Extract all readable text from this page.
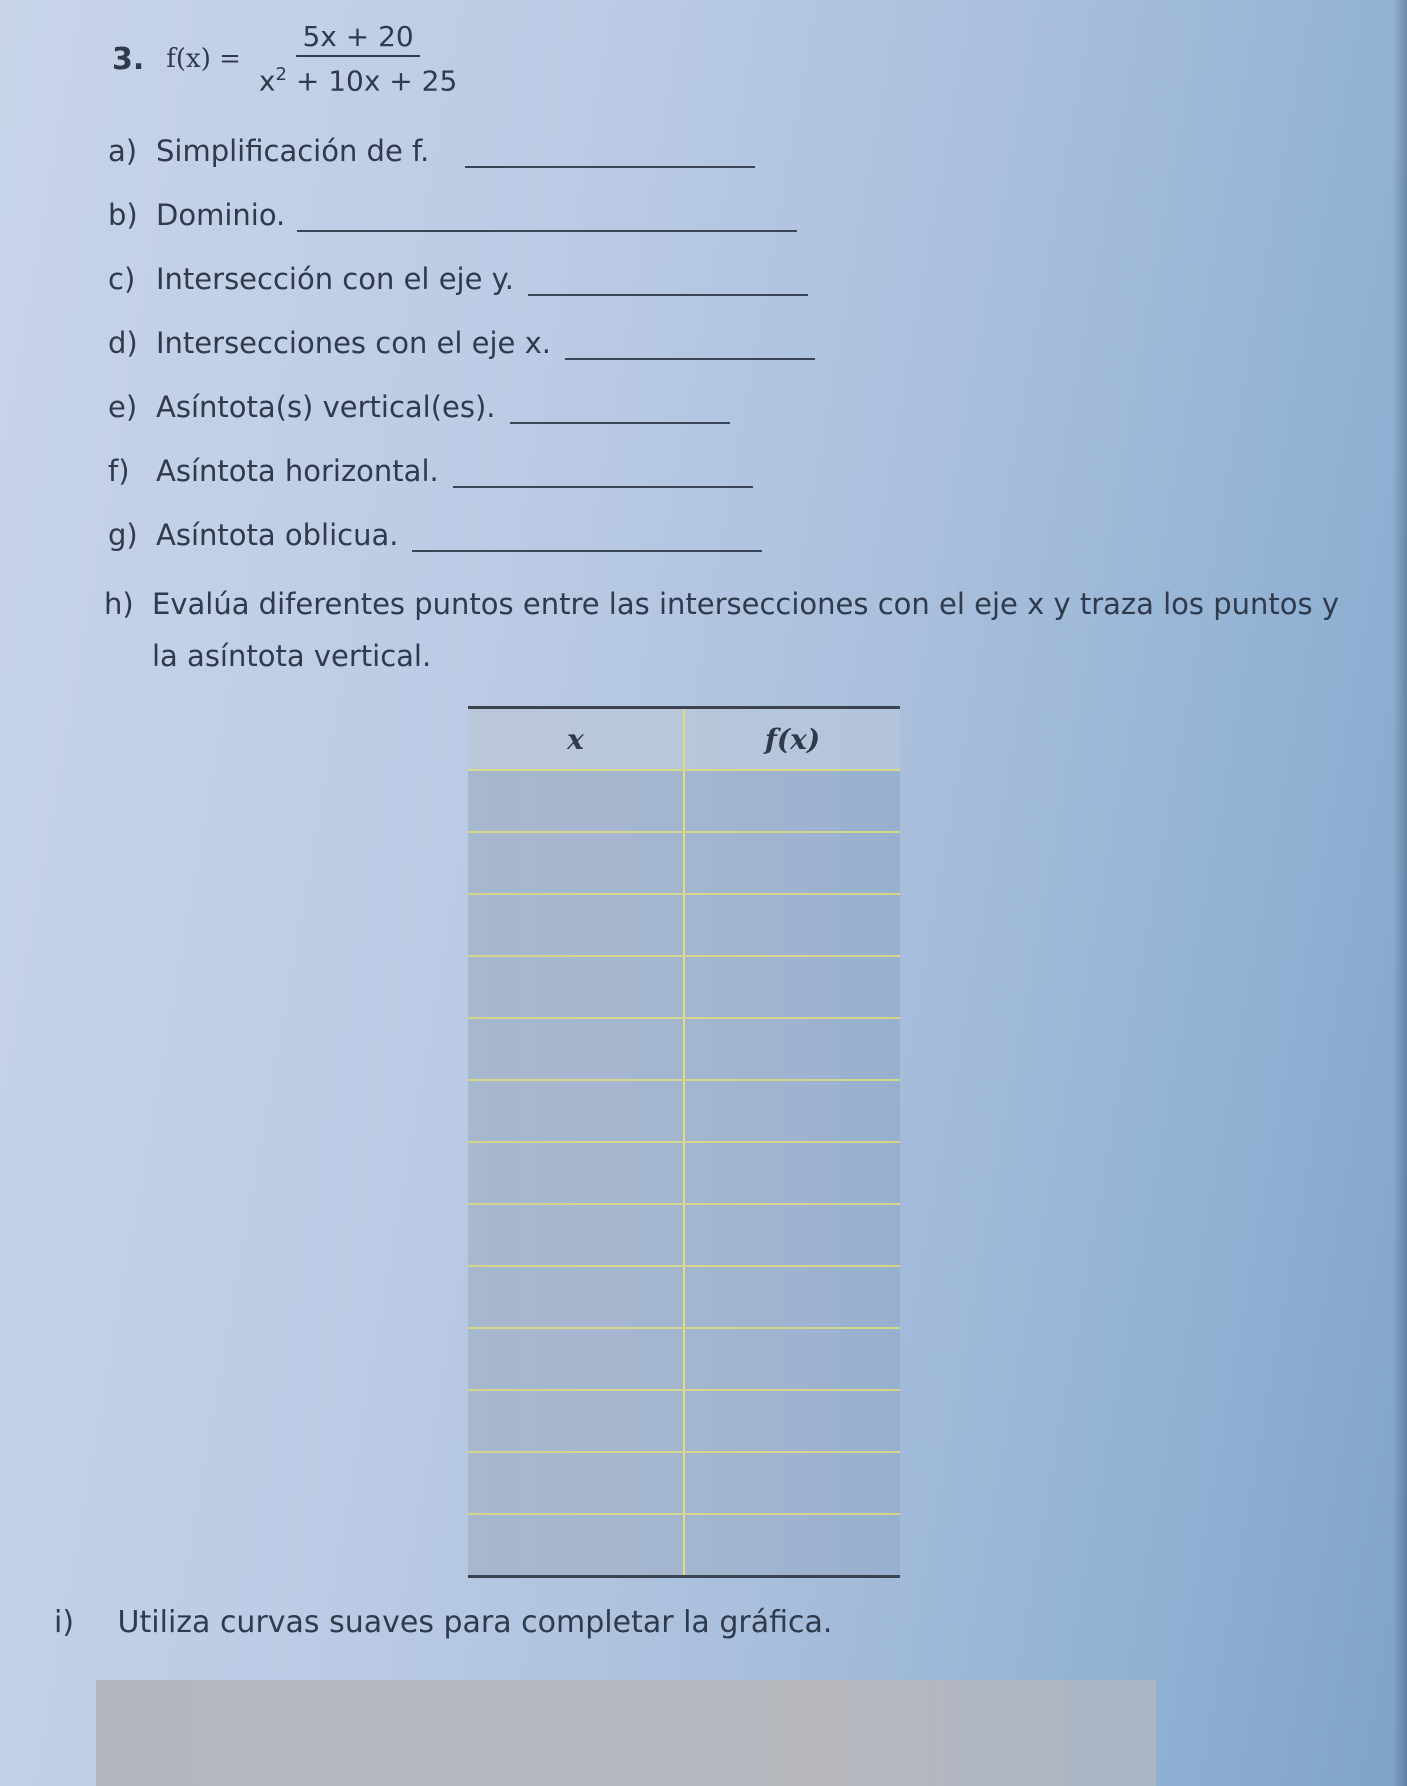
3. $f(x) = \frac{5x + 20}{x^2 + 10x + 25}$
a) Simplificación de f.
b) Dominio.
c) Intersección con el eje y.
d) Intersecciones con el eje x.
e) Asíntota(s) vertical(es).
f) Asíntota horizontal.
g) Asíntota oblicua.
h) Evalúa diferentes puntos entre las intersecciones con el eje x y traza los puntos y
la asíntota vertical.
x	f(x)

i) Utiliza curvas suaves para completar la gráfica.
